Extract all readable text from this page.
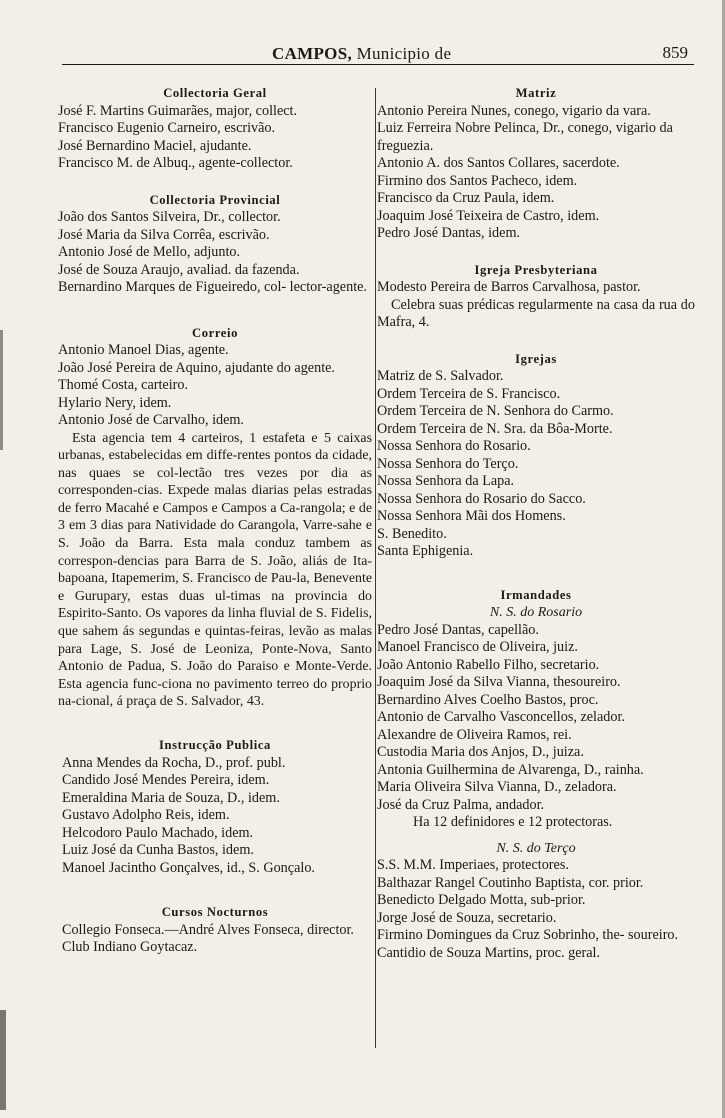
CAMPOS, Municipio de	859
Collectoria Geral
José F. Martins Guimarães, major, collect.
Francisco Eugenio Carneiro, escrivão.
José Bernardino Maciel, ajudante.
Francisco M. de Albuq., agente-collector.
Collectoria Provincial
João dos Santos Silveira, Dr., collector.
José Maria da Silva Corrêa, escrivão.
Antonio José de Mello, adjunto.
José de Souza Araujo, avaliad. da fazenda.
Bernardino Marques de Figueiredo, col- lector-agente.
Correio
Antonio Manoel Dias, agente.
João José Pereira de Aquino, ajudante do agente.
Thomé Costa, carteiro.
Hylario Nery, idem.
Antonio José de Carvalho, idem.
Esta agencia tem 4 carteiros, 1 estafeta e 5 caixas urbanas, estabelecidas em diffe-rentes pontos da cidade, nas quaes se col-lectão tres vezes por dia as corresponden-cias. Expede malas diarias pelas estradas de ferro Macahé e Campos e Campos a Ca-rangola; e de 3 em 3 dias para Natividade do Carangola, Varre-sahe e S. João da Barra. Esta mala conduz tambem as correspon-dencias para Barra de S. João, aliás de Ita-bapoana, Itapemerim, S. Francisco de Pau-la, Benevente e Gurupary, estas duas ul-timas na provincia do Espirito-Santo. Os vapores da linha fluvial de S. Fidelis, que sahem ás segundas e quintas-feiras, levão as malas para Lage, S. José de Leoniza, Ponte-Nova, Santo Antonio de Padua, S. João do Paraiso e Monte-Verde. Esta agencia func-ciona no pavimento terreo do proprio na-cional, á praça de S. Salvador, 43.
Instrucção Publica
Anna Mendes da Rocha, D., prof. publ.
Candido José Mendes Pereira, idem.
Emeraldina Maria de Souza, D., idem.
Gustavo Adolpho Reis, idem.
Helcodoro Paulo Machado, idem.
Luiz José da Cunha Bastos, idem.
Manoel Jacintho Gonçalves, id., S. Gonçalo.
Cursos Nocturnos
Collegio Fonseca.—André Alves Fonseca, director.
Club Indiano Goytacaz.
Matriz
Antonio Pereira Nunes, conego, vigario da vara.
Luiz Ferreira Nobre Pelinca, Dr., conego, vigario da freguezia.
Antonio A. dos Santos Collares, sacerdote.
Firmino dos Santos Pacheco, idem.
Francisco da Cruz Paula, idem.
Joaquim José Teixeira de Castro, idem.
Pedro José Dantas, idem.
Igreja Presbyteriana
Modesto Pereira de Barros Carvalhosa, pastor.
Celebra suas prédicas regularmente na casa da rua do Mafra, 4.
Igrejas
Matriz de S. Salvador.
Ordem Terceira de S. Francisco.
Ordem Terceira de N. Senhora do Carmo.
Ordem Terceira de N. Sra. da Bôa-Morte.
Nossa Senhora do Rosario.
Nossa Senhora do Terço.
Nossa Senhora da Lapa.
Nossa Senhora do Rosario do Sacco.
Nossa Senhora Mãi dos Homens.
S. Benedito.
Santa Ephigenia.
Irmandades
N. S. do Rosario
Pedro José Dantas, capellão.
Manoel Francisco de Oliveira, juiz.
João Antonio Rabello Filho, secretario.
Joaquim José da Silva Vianna, thesoureiro.
Bernardino Alves Coelho Bastos, proc.
Antonio de Carvalho Vasconcellos, zelador.
Alexandre de Oliveira Ramos, rei.
Custodia Maria dos Anjos, D., juiza.
Antonia Guilhermina de Alvarenga, D., rainha.
Maria Oliveira Silva Vianna, D., zeladora.
José da Cruz Palma, andador.
Ha 12 definidores e 12 protectoras.
N. S. do Terço
S.S. M.M. Imperiaes, protectores.
Balthazar Rangel Coutinho Baptista, cor. prior.
Benedicto Delgado Motta, sub-prior.
Jorge José de Souza, secretario.
Firmino Domingues da Cruz Sobrinho, the- soureiro.
Cantidio de Souza Martins, proc. geral.
